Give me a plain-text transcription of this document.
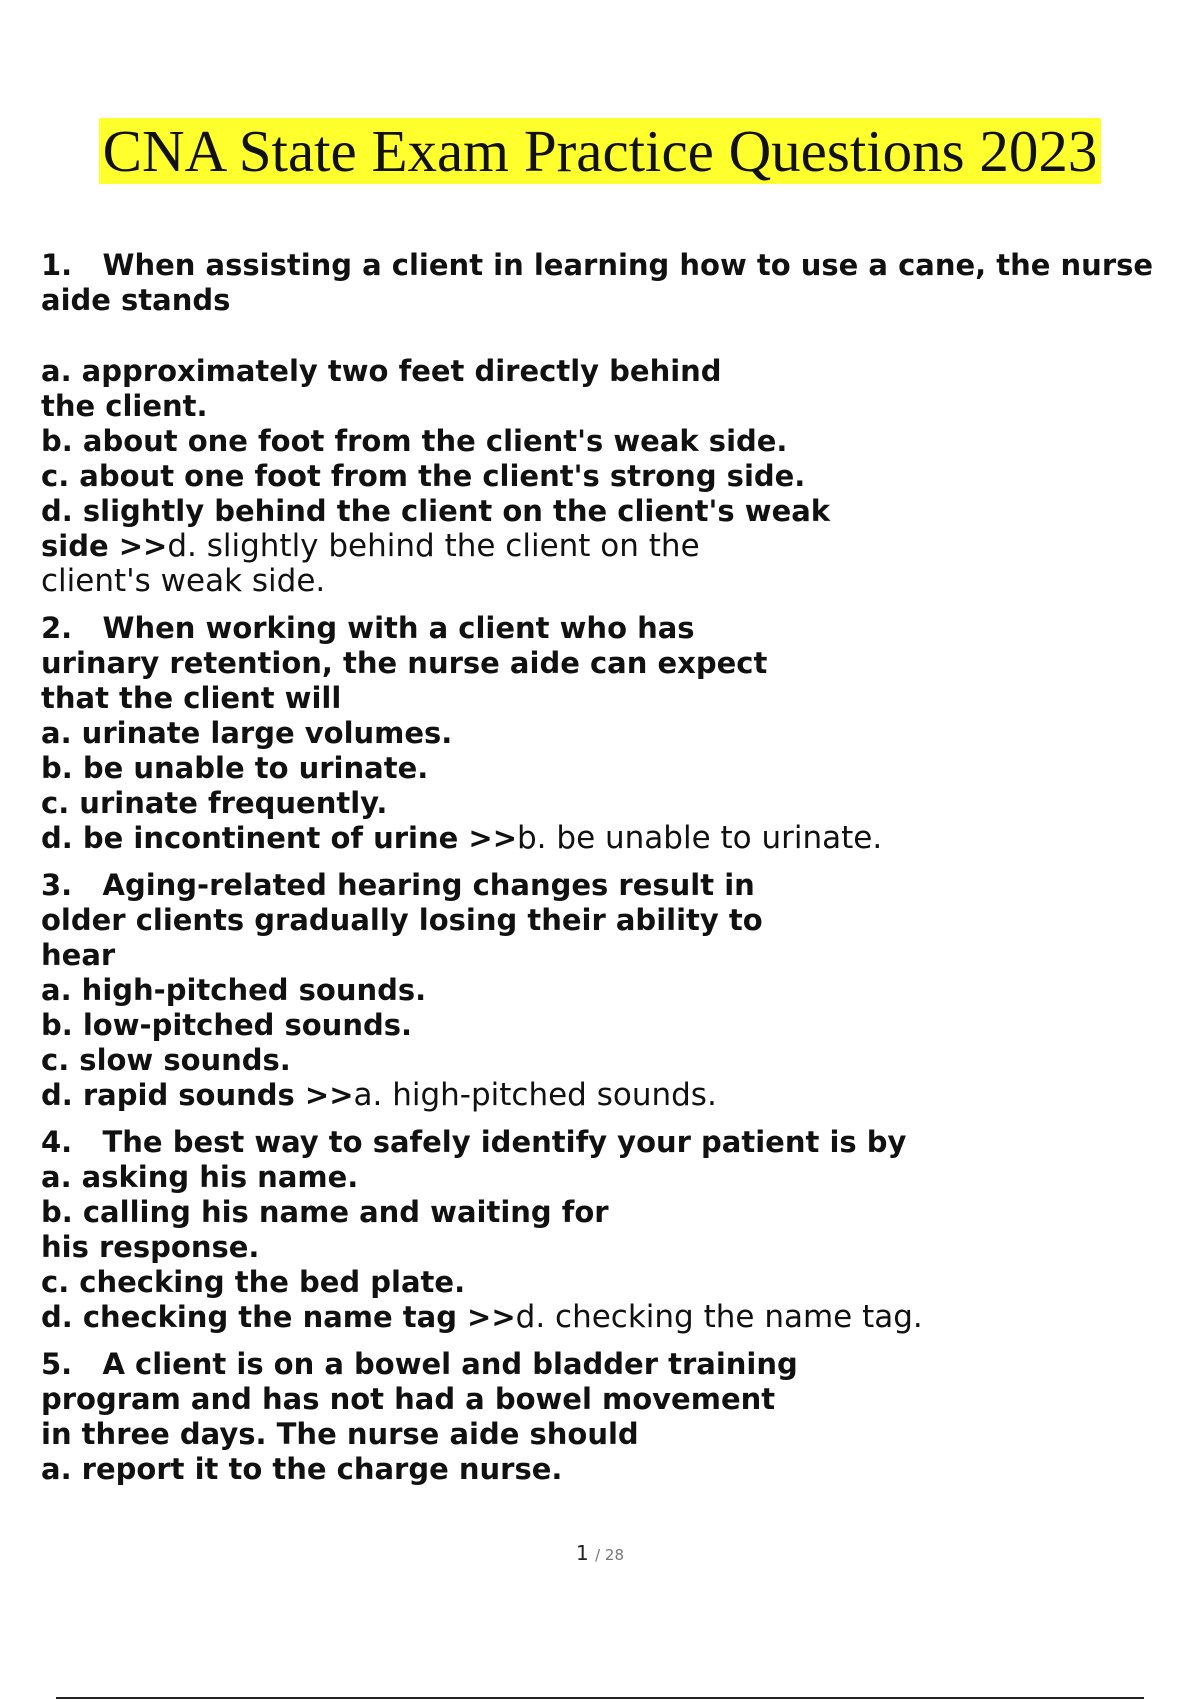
CNA State Exam Practice Questions 2023
1. When assisting a client in learning how to use a cane, the nurse
aide stands
a. approximately two feet directly behind
the client.
b. about one foot from the client's weak side.
c. about one foot from the client's strong side.
d. slightly behind the client on the client's weak
side >>d. slightly behind the client on the
client's weak side.
2. When working with a client who has
urinary retention, the nurse aide can expect
that the client will
a. urinate large volumes.
b. be unable to urinate.
c. urinate frequently.
d. be incontinent of urine >>b. be unable to urinate.
3. Aging-related hearing changes result in
older clients gradually losing their ability to
hear
a. high-pitched sounds.
b. low-pitched sounds.
c. slow sounds.
d. rapid sounds >>a. high-pitched sounds.
4. The best way to safely identify your patient is by
a. asking his name.
b. calling his name and waiting for
his response.
c. checking the bed plate.
d. checking the name tag >>d. checking the name tag.
5. A client is on a bowel and bladder training
program and has not had a bowel movement
in three days. The nurse aide should
a. report it to the charge nurse.
1 / 28
